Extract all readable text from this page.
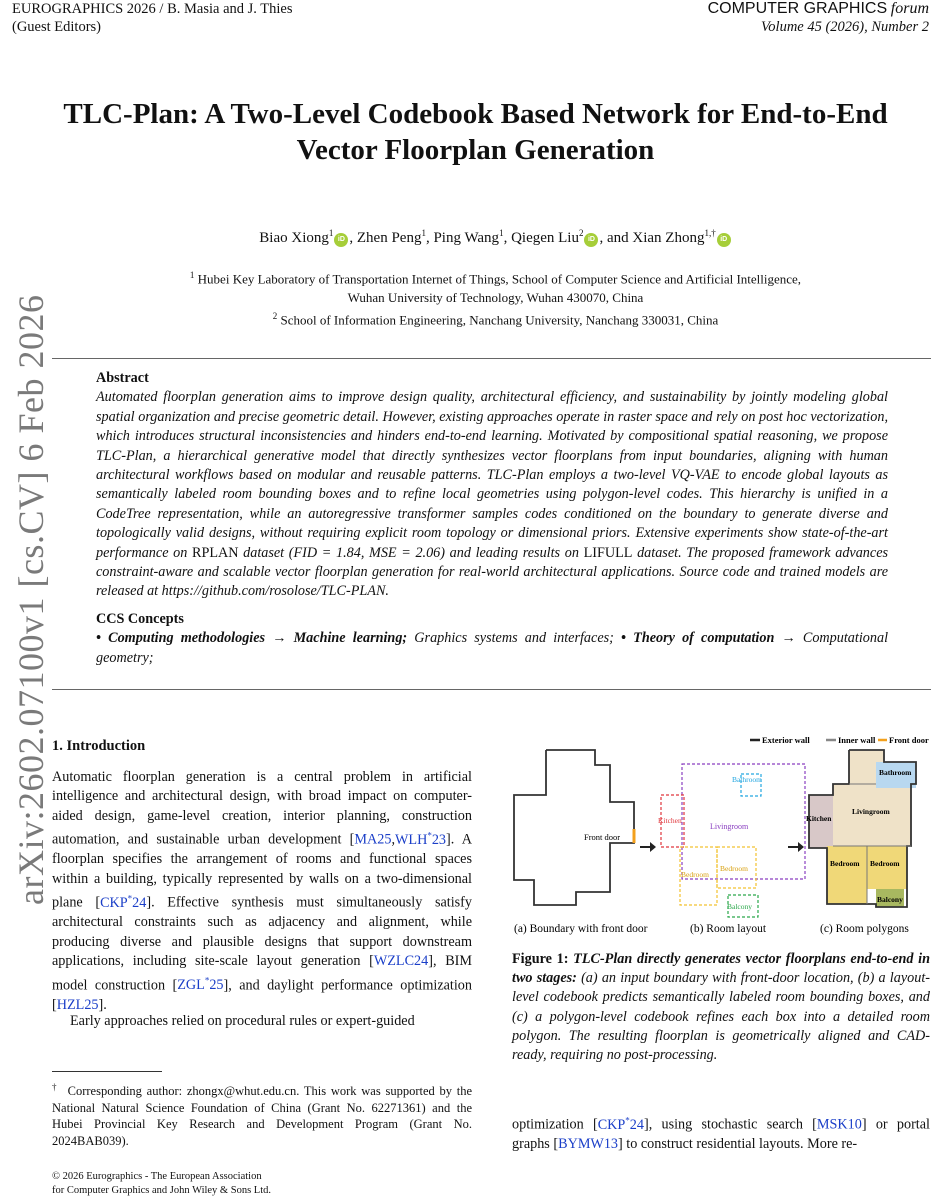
EUROGRAPHICS 2026 / B. Masia and J. Thies
(Guest Editors)
COMPUTER GRAPHICS forum
Volume 45 (2026), Number 2
arXiv:2602.07100v1 [cs.CV] 6 Feb 2026
TLC-Plan: A Two-Level Codebook Based Network for End-to-End
Vector Floorplan Generation
Biao Xiong$^1$iD , Zhen Peng$^1$, Ping Wang$^1$, Qiegen Liu$^2$iD , and Xian Zhong$^{1,\dagger}$iD
$^1$ Hubei Key Laboratory of Transportation Internet of Things, School of Computer Science and Artificial Intelligence,
Wuhan University of Technology, Wuhan 430070, China
$^2$ School of Information Engineering, Nanchang University, Nanchang 330031, China
Abstract
Automated floorplan generation aims to improve design quality, architectural efficiency, and sustainability by jointly modeling global spatial organization and precise geometric detail. However, existing approaches operate in raster space and rely on post hoc vectorization, which introduces structural inconsistencies and hinders end-to-end learning. Motivated by compositional spatial reasoning, we propose TLC-Plan, a hierarchical generative model that directly synthesizes vector floorplans from input boundaries, aligning with human architectural workflows based on modular and reusable patterns. TLC-Plan employs a two-level VQ-VAE to encode global layouts as semantically labeled room bounding boxes and to refine local geometries using polygon-level codes. This hierarchy is unified in a CodeTree representation, while an autoregressive transformer samples codes conditioned on the boundary to generate diverse and topologically valid designs, without requiring explicit room topology or dimensional priors. Extensive experiments show state-of-the-art performance on RPLAN dataset (FID = 1.84, MSE = 2.06) and leading results on LIFULL dataset. The proposed framework advances constraint-aware and scalable vector floorplan generation for real-world architectural applications. Source code and trained models are released at https://github.com/rosolose/TLC-PLAN.
CCS Concepts
• Computing methodologies → Machine learning; Graphics systems and interfaces; • Theory of computation → Computational geometry;
1. Introduction
Automatic floorplan generation is a central problem in artificial intelligence and architectural design, with broad impact on computer-aided design, game-level creation, interior planning, construction automation, and sustainable urban development [MA25,WLH*23]. A floorplan specifies the arrangement of rooms and functional spaces within a building, typically represented by walls on a two-dimensional plane [CKP*24]. Effective synthesis must simultaneously satisfy architectural constraints such as adjacency and alignment, while producing diverse and plausible designs that support downstream applications, including site-scale layout generation [WZLC24], BIM model construction [ZGL*25], and daylight performance optimization [HZL25].
Early approaches relied on procedural rules or expert-guided
† Corresponding author: zhongx@whut.edu.cn. This work was supported by the National Natural Science Foundation of China (Grant No. 62271361) and the Hubei Provincial Key Research and Development Program (Grant No. 2024BAB039).
© 2026 Eurographics - The European Association
for Computer Graphics and John Wiley & Sons Ltd.
Exterior wall	Inner wall Front door
Front door
Bathroom
Kitchen
Livingroom
Bedroom
Bedroom
Balcony
Bathroom
Kitchen
Livingroom
Bedroom Bedroom
Balcony
(a) Boundary with front door	(b) Room layout	(c) Room polygons
Figure 1: TLC-Plan directly generates vector floorplans end-to-end in two stages: (a) an input boundary with front-door location, (b) a layout-level codebook predicts semantically labeled room bounding boxes, and (c) a polygon-level codebook refines each box into a detailed room polygon. The resulting floorplan is geometrically aligned and CAD-ready, requiring no post-processing.
optimization [CKP*24], using stochastic search [MSK10] or portal graphs [BYMW13] to construct residential layouts. More re-
